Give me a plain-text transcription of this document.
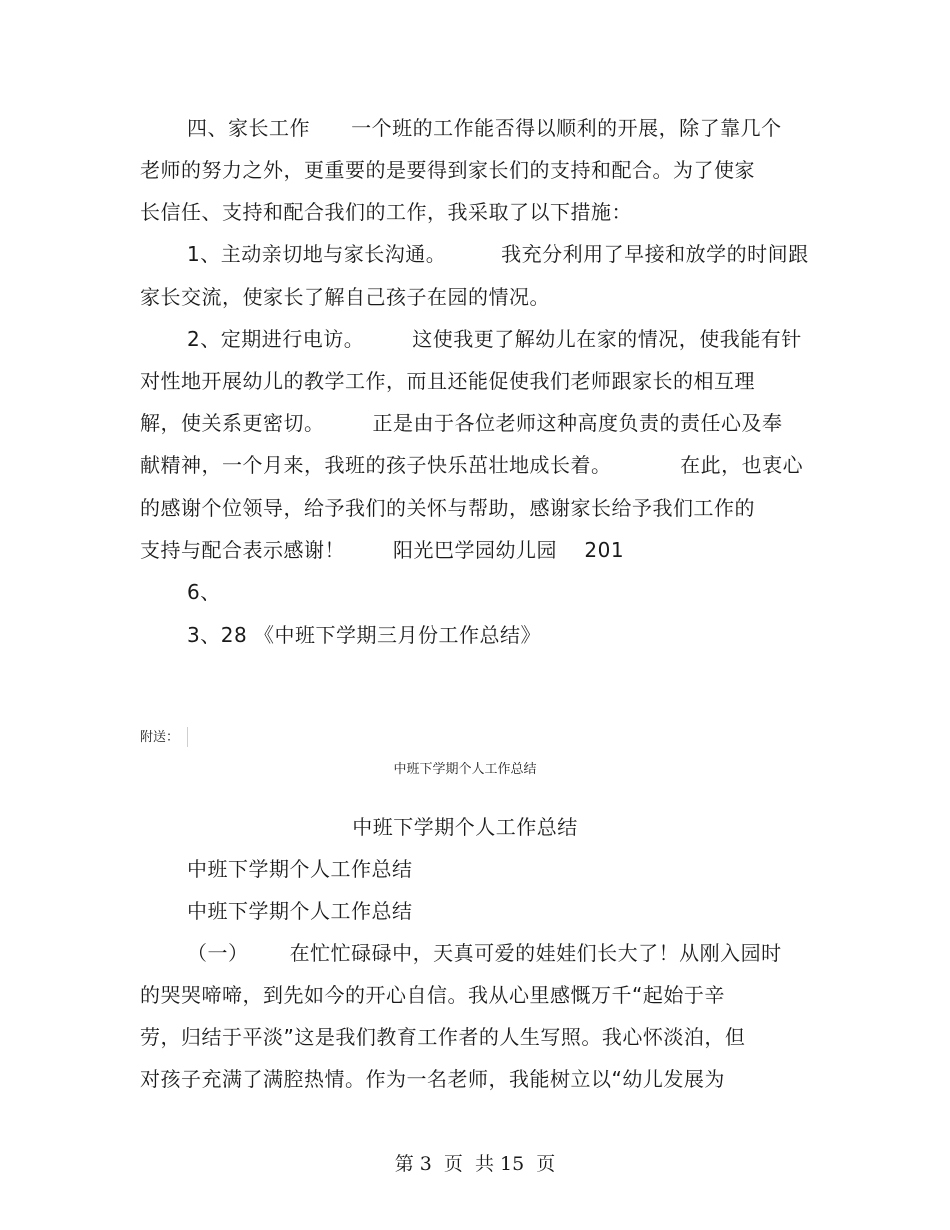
四、家长工作      一个班的工作能否得以顺利的开展，除了靠几个
老师的努力之外，更重要的是要得到家长们的支持和配合。为了使家
长信任、支持和配合我们的工作，我采取了以下措施：
1、主动亲切地与家长沟通。        我充分利用了早接和放学的时间跟
家长交流，使家长了解自己孩子在园的情况。
2、定期进行电访。       这使我更了解幼儿在家的情况，使我能有针
对性地开展幼儿的教学工作，而且还能促使我们老师跟家长的相互理
解，使关系更密切。       正是由于各位老师这种高度负责的责任心及奉
献精神，一个月来，我班的孩子快乐茁壮地成长着。          在此，也衷心
的感谢个位领导，给予我们的关怀与帮助，感谢家长给予我们工作的
支持与配合表示感谢！       阳光巴学园幼儿园    201
6、
3、28 《中班下学期三月份工作总结》
附送：
中班下学期个人工作总结
中班下学期个人工作总结
中班下学期个人工作总结
中班下学期个人工作总结
（一）      在忙忙碌碌中，天真可爱的娃娃们长大了！从刚入园时
的哭哭啼啼，到先如今的开心自信。我从心里感慨万千“起始于辛
劳，归结于平淡”这是我们教育工作者的人生写照。我心怀淡泊，但
对孩子充满了满腔热情。作为一名老师，我能树立以“幼儿发展为
第 3  页  共 15  页
